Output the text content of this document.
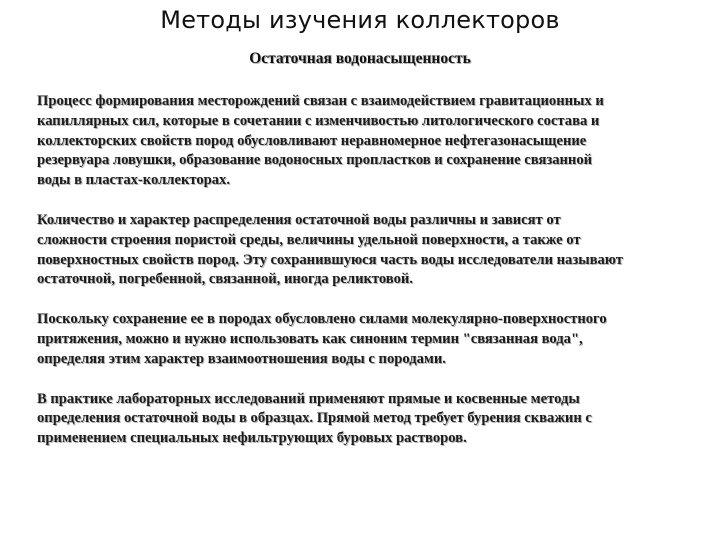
Методы изучения коллекторов
Остаточная водонасыщенность

Процесс формирования месторождений связан с взаимодействием гравитационных и
капиллярных сил, которые в сочетании с изменчивостью литологического состава и
коллекторских свойств пород обусловливают неравномерное нефтегазонасыщение
резервуара ловушки, образование водоносных пропластков и сохранение связанной
воды в пластах-коллекторах.

Количество и характер распределения остаточной воды различны и зависят от
сложности строения пористой среды, величины удельной поверхности, а также от
поверхностных свойств пород. Эту сохранившуюся часть воды исследователи называют
остаточной, погребенной, связанной, иногда реликтовой.

Поскольку сохранение ее в породах обусловлено силами молекулярно-поверхностного
притяжения, можно и нужно использовать как синоним термин "связанная вода",
определяя этим характер взаимоотношения воды с породами.

В практике лабораторных исследований применяют прямые и косвенные методы
определения остаточной воды в образцах. Прямой метод требует бурения скважин с
применением специальных нефильтрующих буровых растворов.
